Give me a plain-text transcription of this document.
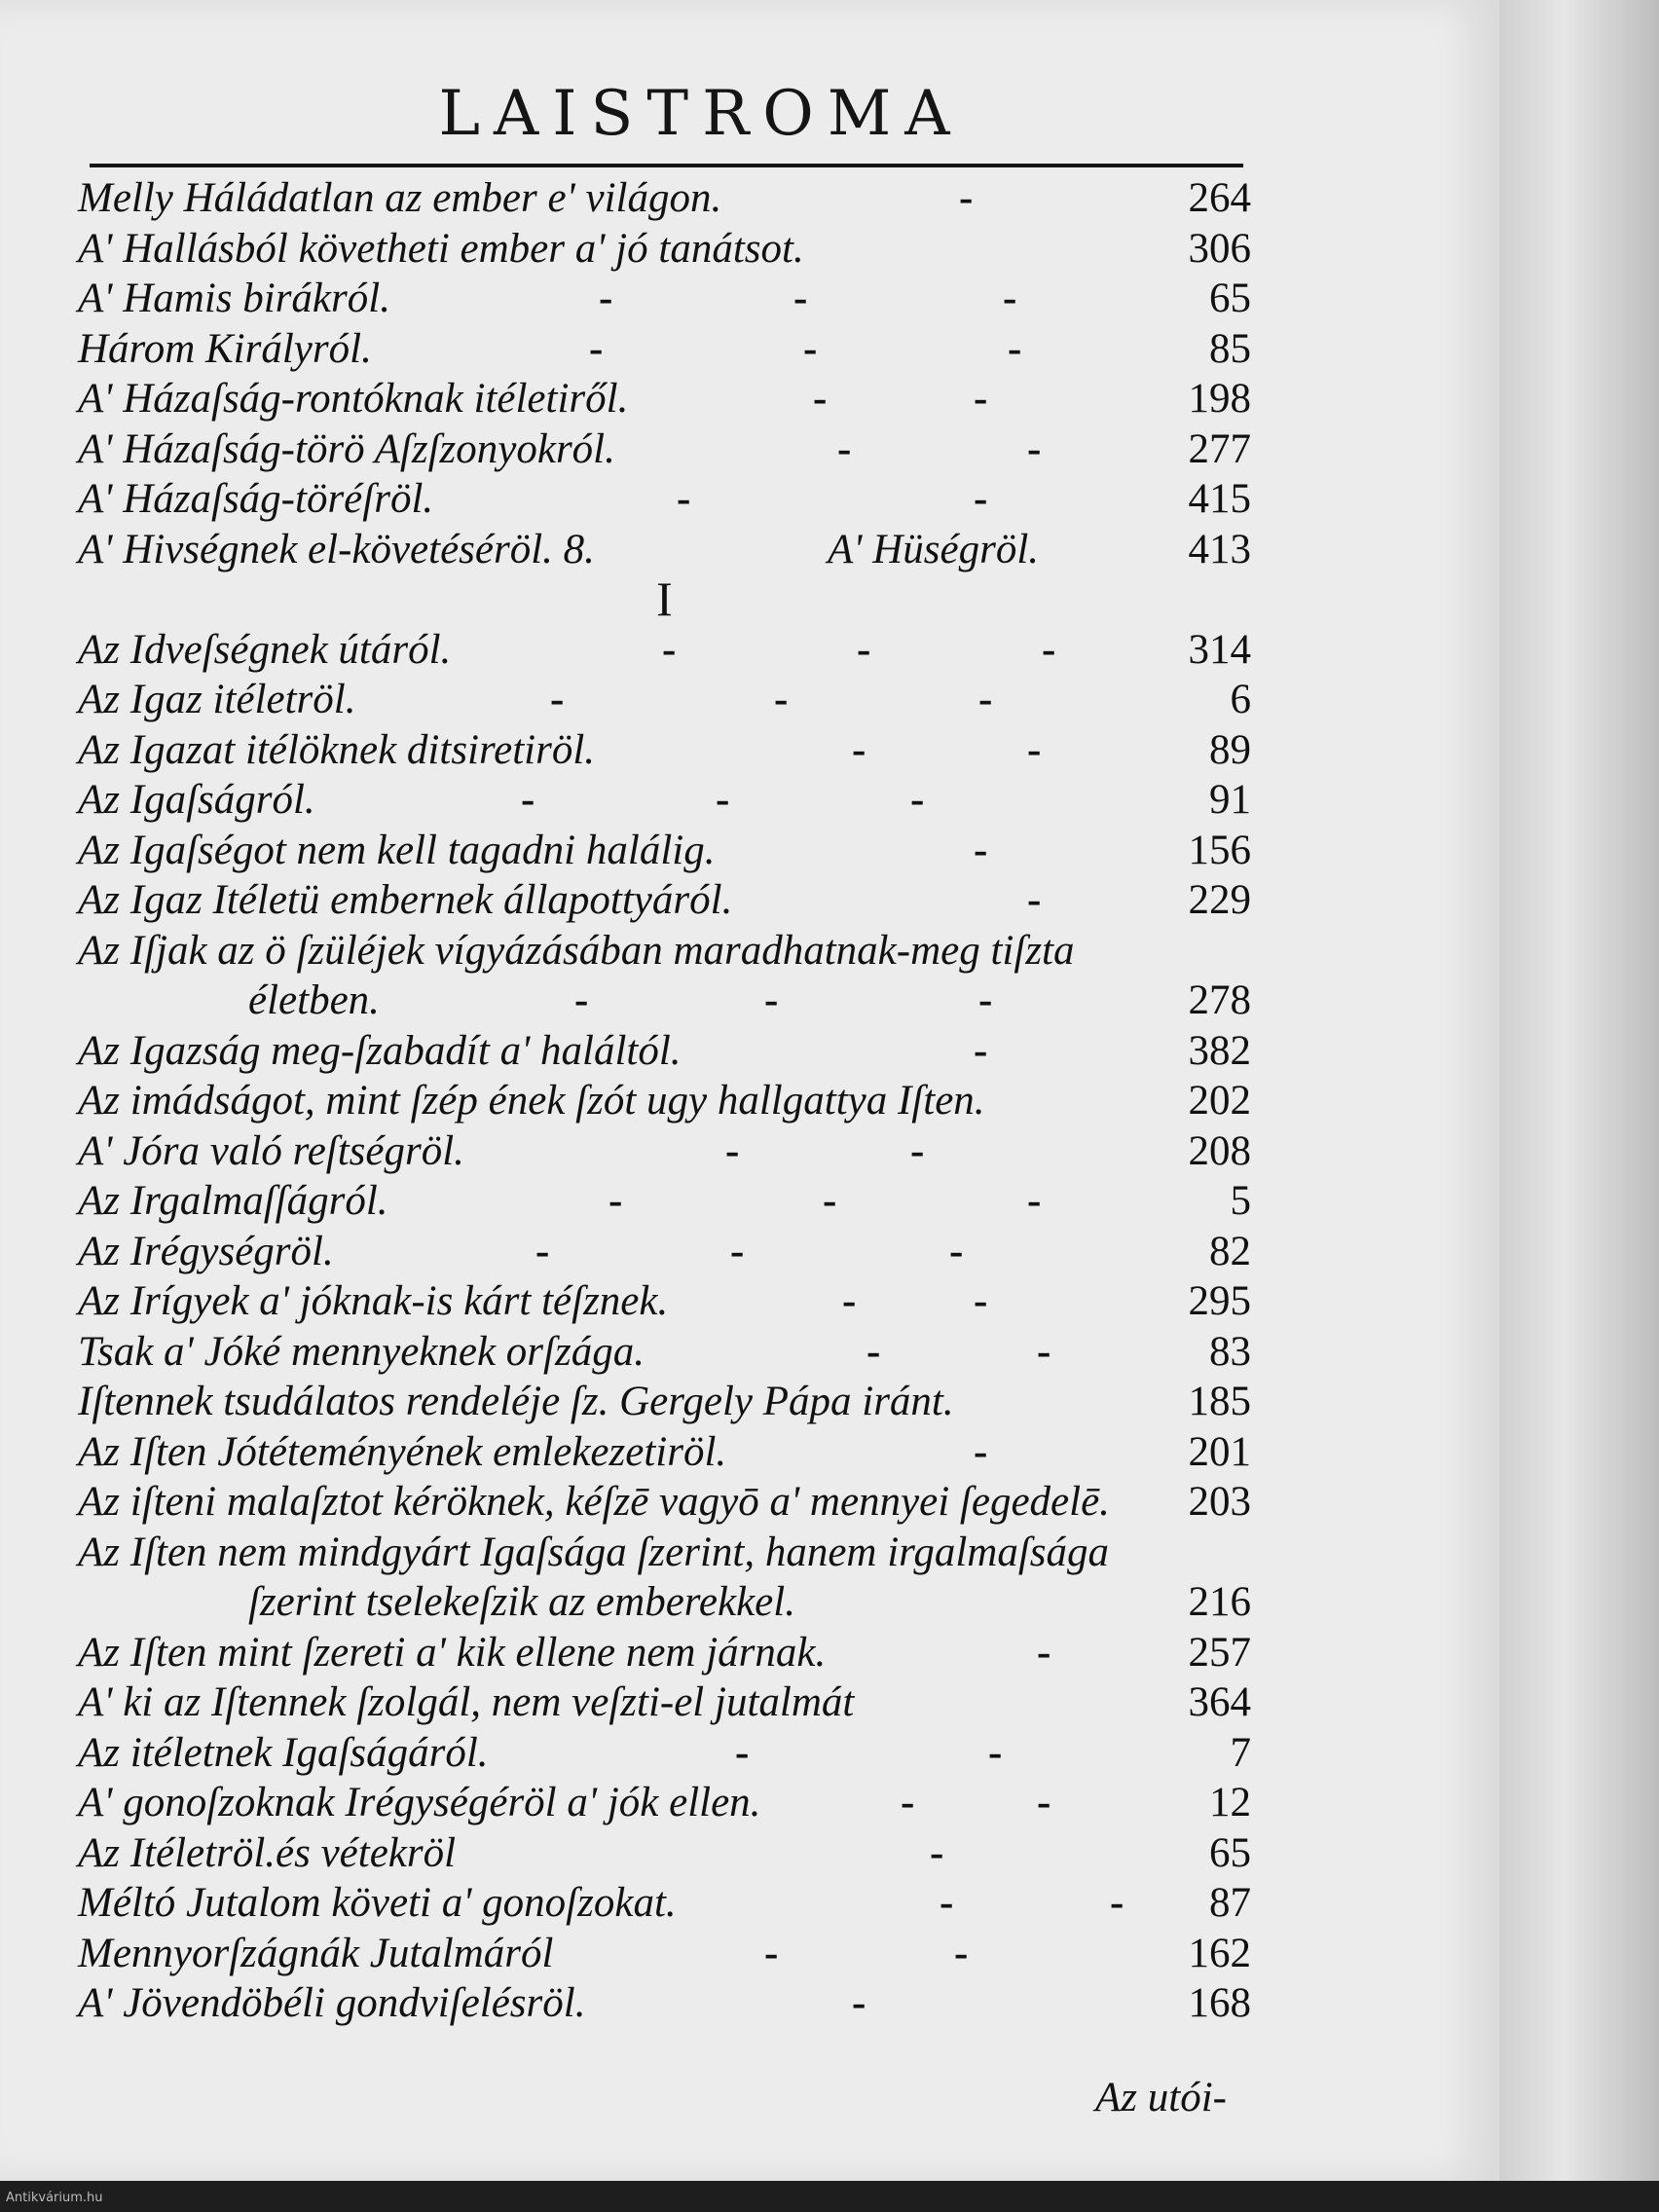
Antikvárium.hu
LAISTROMA
Melly Háládatlan az ember e' világon.	-	264
A' Hallásból követheti ember a' jó tanátsot.	306
A' Hamis birákról.	-	-	-	65
Három Királyról.	-	-	-	85
A' Házaſság-rontóknak itéletiről.	-	-	198
A' Házaſság-törö Aſzſzonyokról.	-	-	277
A' Házaſság-töréſröl.	-	-	415
A' Hivségnek el-követéséröl. 8.	A' Hüségröl.	413
I
Az Idveſségnek útáról.	-	-	-	314
Az Igaz itéletröl.	-	-	-	6
Az Igazat itélöknek ditsiretiröl.	-	-	89
Az Igaſságról.	-	-	-	91
Az Igaſségot nem kell tagadni halálig.	-	156
Az Igaz Itéletü embernek állapottyáról.	-	229
Az Iſjak az ö ſzüléjek vígyázásában maradhatnak-meg tiſzta
életben.	-	-	-	278
Az Igazság meg-ſzabadít a' haláltól.	-	382
Az imádságot, mint ſzép ének ſzót ugy hallgattya Iſten.	202
A' Jóra való reſtségröl.	-	-	208
Az Irgalmaſſágról.	-	-	-	5
Az Irégységröl.	-	-	-	82
Az Irígyek a' jóknak-is kárt téſznek.	-	-	295
Tsak a' Jóké mennyeknek orſzága.	-	-	83
Iſtennek tsudálatos rendeléje ſz. Gergely Pápa iránt.	185
Az Iſten Jótéteményének emlekezetiröl.	-	201
Az iſteni malaſztot kéröknek, kéſzē vagyō a' mennyei ſegedelē. 203
Az Iſten nem mindgyárt Igaſsága ſzerint, hanem irgalmaſsága
ſzerint tselekeſzik az emberekkel.	216
Az Iſten mint ſzereti a' kik ellene nem járnak.	-	257
A' ki az Iſtennek ſzolgál, nem veſzti-el jutalmát	364
Az itéletnek Igaſságáról.	-	-	7
A' gonoſzoknak Irégységéröl a' jók ellen.	-	-	12
Az Itéletröl.és vétekröl	-	65
Méltó Jutalom követi a' gonoſzokat.	-	- 87
Mennyorſzágnák Jutalmáról	-	-	162
A' Jövendöbéli gondviſelésröl.	-	168
Az utói-
